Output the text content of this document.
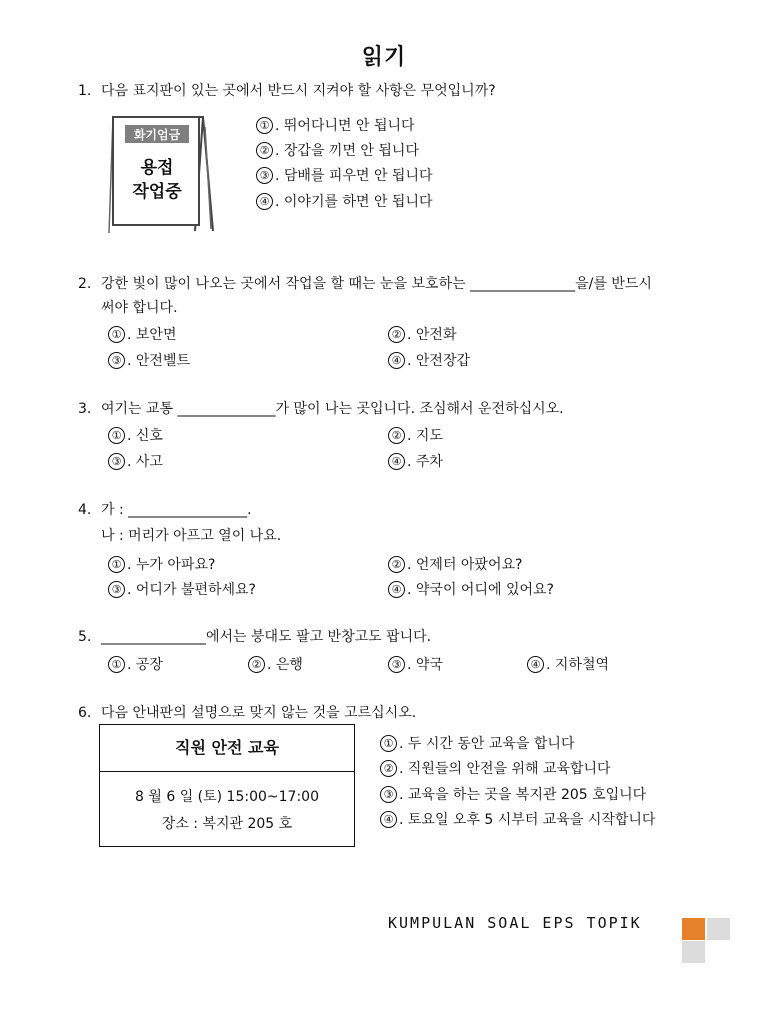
읽기
1. 다음 표지판이 있는 곳에서 반드시 지켜야 할 사항은 무엇입니까?
화기엄금
용접
작업중
① . 뛰어다니면 안 됩니다
② . 장갑을 끼면 안 됩니다
③ . 담배를 피우면 안 됩니다
④ . 이야기를 하면 안 됩니다
2. 강한 빛이 많이 나오는 곳에서 작업을 할 때는 눈을 보호하는 _______________을/를 반드시
써야 합니다.
① . 보안면	② . 안전화
③ . 안전벨트	④ . 안전장갑
3. 여기는 교통 ______________가 많이 나는 곳입니다. 조심해서 운전하십시오.
① . 신호	② . 지도
③ . 사고	④ . 주차
4. 가 : _________________.
나 : 머리가 아프고 열이 나요.
① . 누가 아파요?	② . 언제터 아팠어요?
③ . 어디가 불편하세요?	④ . 약국이 어디에 있어요?
5. _______________에서는 붕대도 팔고 반창고도 팝니다.
① . 공장	② . 은행	③ . 약국	④ . 지하철역
6. 다음 안내판의 설명으로 맞지 않는 것을 고르십시오.
직원 안전 교육
8 월 6 일 (토) 15:00~17:00
장소 : 복지관 205 호
① . 두 시간 동안 교육을 합니다
② . 직원들의 안전을 위해 교육합니다
③ . 교육을 하는 곳을 복지관 205 호입니다
④ . 토요일 오후 5 시부터 교육을 시작합니다
KUMPULAN SOAL EPS TOPIK
